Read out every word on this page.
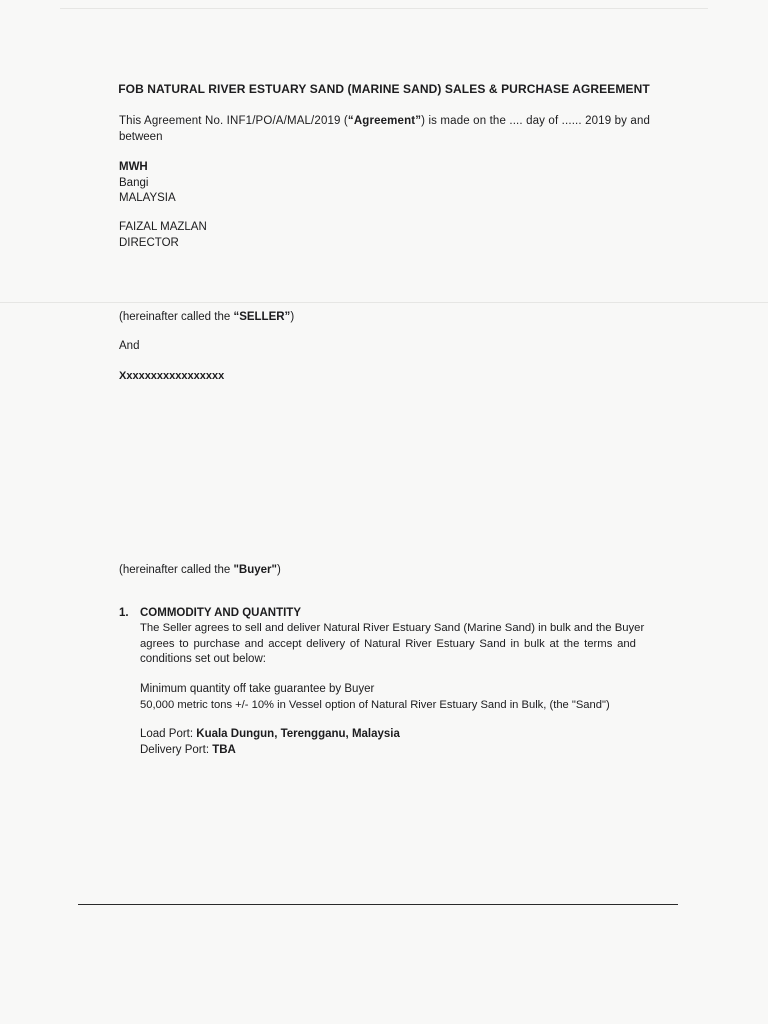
FOB NATURAL RIVER ESTUARY SAND (MARINE SAND) SALES & PURCHASE AGREEMENT
This Agreement No. INF1/PO/A/MAL/2019 (“Agreement”) is made on the .... day of ...... 2019 by and
between
MWH
Bangi
MALAYSIA
FAIZAL MAZLAN
DIRECTOR
(hereinafter called the “SELLER”)
And
Xxxxxxxxxxxxxxxxx
(hereinafter called the "Buyer")
1. COMMODITY AND QUANTITY
The Seller agrees to sell and deliver Natural River Estuary Sand (Marine Sand) in bulk and the Buyer
agrees to purchase and accept delivery of Natural River Estuary Sand in bulk at the terms and
conditions set out below:
Minimum quantity off take guarantee by Buyer
50,000 metric tons +/- 10% in Vessel option of Natural River Estuary Sand in Bulk, (the "Sand")
Load Port: Kuala Dungun, Terengganu, Malaysia
Delivery Port: TBA
